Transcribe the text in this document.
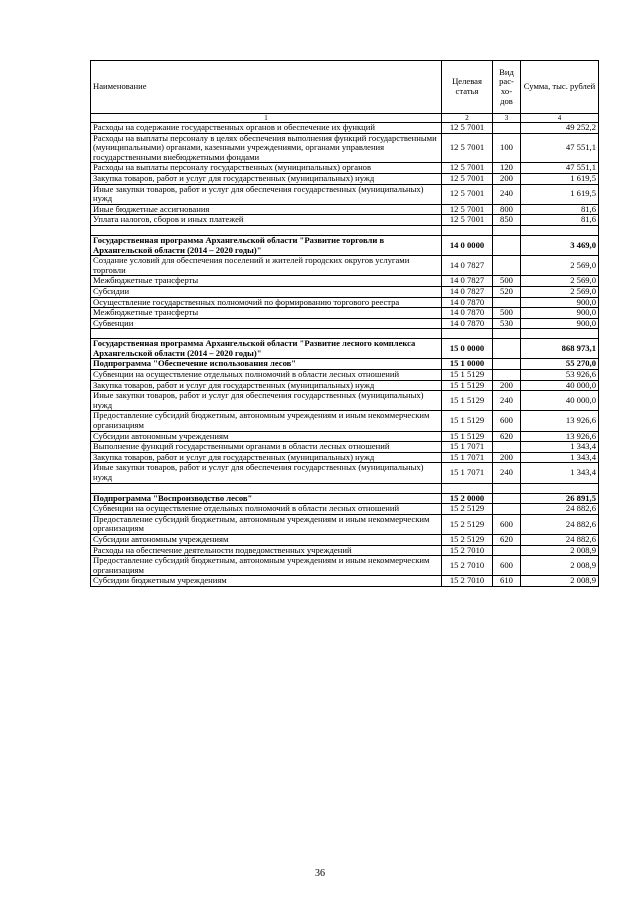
Наименование	Целевая статья	Вид
рас-
хо-
дов	Сумма, тыс. рублей
1	2	3	4
Расходы на содержание государственных органов и обеспечение их функций	12 5 7001		49 252,2
Расходы на выплаты персоналу в целях обеспечения выполнения функций государственными (муниципальными) органами, казенными учреждениями, органами управления государственными внебюджетными фондами	12 5 7001	100	47 551,1
Расходы на выплаты персоналу государственных (муниципальных) органов	12 5 7001	120	47 551,1
Закупка товаров, работ и услуг для государственных (муниципальных) нужд	12 5 7001	200	1 619,5
Иные закупки товаров, работ и услуг для обеспечения государственных (муниципальных) нужд	12 5 7001	240	1 619,5
Иные бюджетные ассигнования	12 5 7001	800	81,6
Уплата налогов, сборов и иных платежей	12 5 7001	850	81,6

Государственная программа Архангельской области "Развитие торговли в Архангельской области (2014 – 2020 годы)"	14 0 0000		3 469,0
Создание условий для обеспечения поселений и жителей городских округов услугами торговли	14 0 7827		2 569,0
Межбюджетные трансферты	14 0 7827	500	2 569,0
Субсидии	14 0 7827	520	2 569,0
Осуществление государственных полномочий по формированию торгового реестра	14 0 7870		900,0
Межбюджетные трансферты	14 0 7870	500	900,0
Субвенции	14 0 7870	530	900,0

Государственная программа Архангельской области "Развитие лесного комплекса Архангельской области (2014 – 2020 годы)"	15 0 0000		868 973,1
Подпрограмма "Обеспечение использования лесов"	15 1 0000		55 270,0
Субвенции на осуществление отдельных полномочий в области лесных отношений	15 1 5129		53 926,6
Закупка товаров, работ и услуг для государственных (муниципальных) нужд	15 1 5129	200	40 000,0
Иные закупки товаров, работ и услуг для обеспечения государственных (муниципальных) нужд	15 1 5129	240	40 000,0
Предоставление субсидий бюджетным, автономным учреждениям и иным некоммерческим организациям	15 1 5129	600	13 926,6
Субсидии автономным учреждениям	15 1 5129	620	13 926,6
Выполнение функций государственными органами в области лесных отношений	15 1 7071		1 343,4
Закупка товаров, работ и услуг для государственных (муниципальных) нужд	15 1 7071	200	1 343,4
Иные закупки товаров, работ и услуг для обеспечения государственных (муниципальных) нужд	15 1 7071	240	1 343,4

Подпрограмма "Воспроизводство лесов"	15 2 0000		26 891,5
Субвенции на осуществление отдельных полномочий в области лесных отношений	15 2 5129		24 882,6
Предоставление субсидий бюджетным, автономным учреждениям и иным некоммерческим организациям	15 2 5129	600	24 882,6
Субсидии автономным учреждениям	15 2 5129	620	24 882,6
Расходы на обеспечение деятельности подведомственных учреждений	15 2 7010		2 008,9
Предоставление субсидий бюджетным, автономным учреждениям и иным некоммерческим организациям	15 2 7010	600	2 008,9
Субсидии бюджетным учреждениям	15 2 7010	610	2 008,9
36
